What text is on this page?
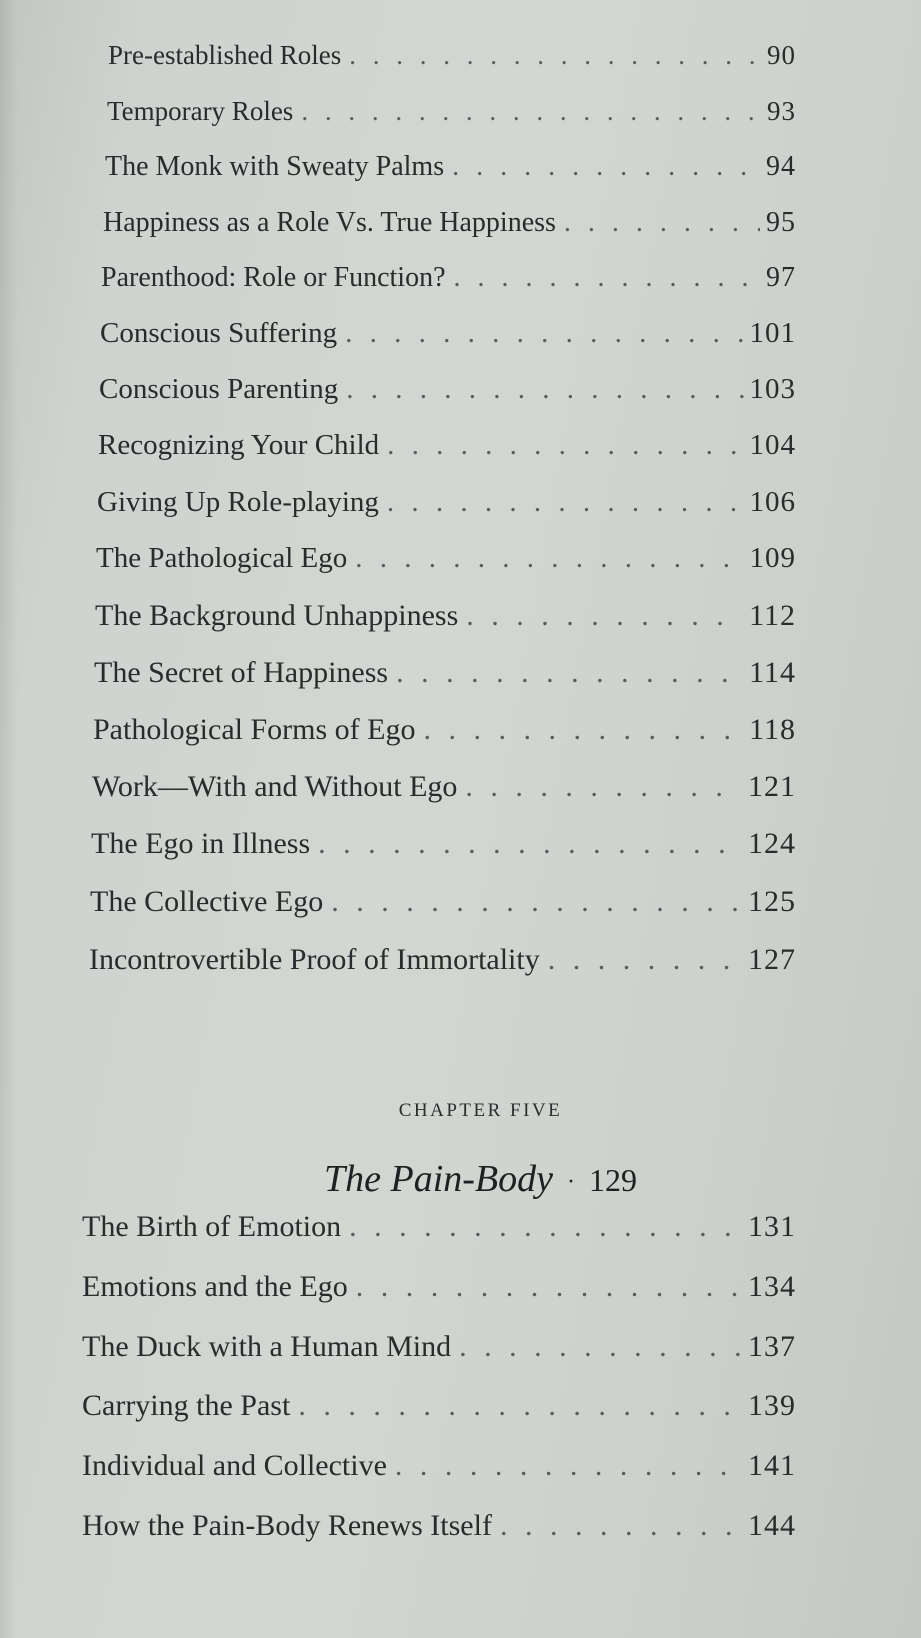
Pre-established Roles . . .	90
Temporary Roles . . .	93
The Monk with Sweaty Palms . . .	94
Happiness as a Role Vs. True Happiness . . .	95
Parenthood: Role or Function? . . .	97
Conscious Suffering . . .	101
Conscious Parenting . . .	103
Recognizing Your Child . . .	104
Giving Up Role-playing . . .	106
The Pathological Ego . . .	109
The Background Unhappiness . . .	112
The Secret of Happiness . . .	114
Pathological Forms of Ego . . .	118
Work—With and Without Ego . . .	121
The Ego in Illness . . .	124
The Collective Ego . . .	125
Incontrovertible Proof of Immortality . . .	127
CHAPTER FIVE
The Pain-Body · 129
The Birth of Emotion . . .	131
Emotions and the Ego . . .	134
The Duck with a Human Mind . . .	137
Carrying the Past . . .	139
Individual and Collective . . .	141
How the Pain-Body Renews Itself . . .	144
